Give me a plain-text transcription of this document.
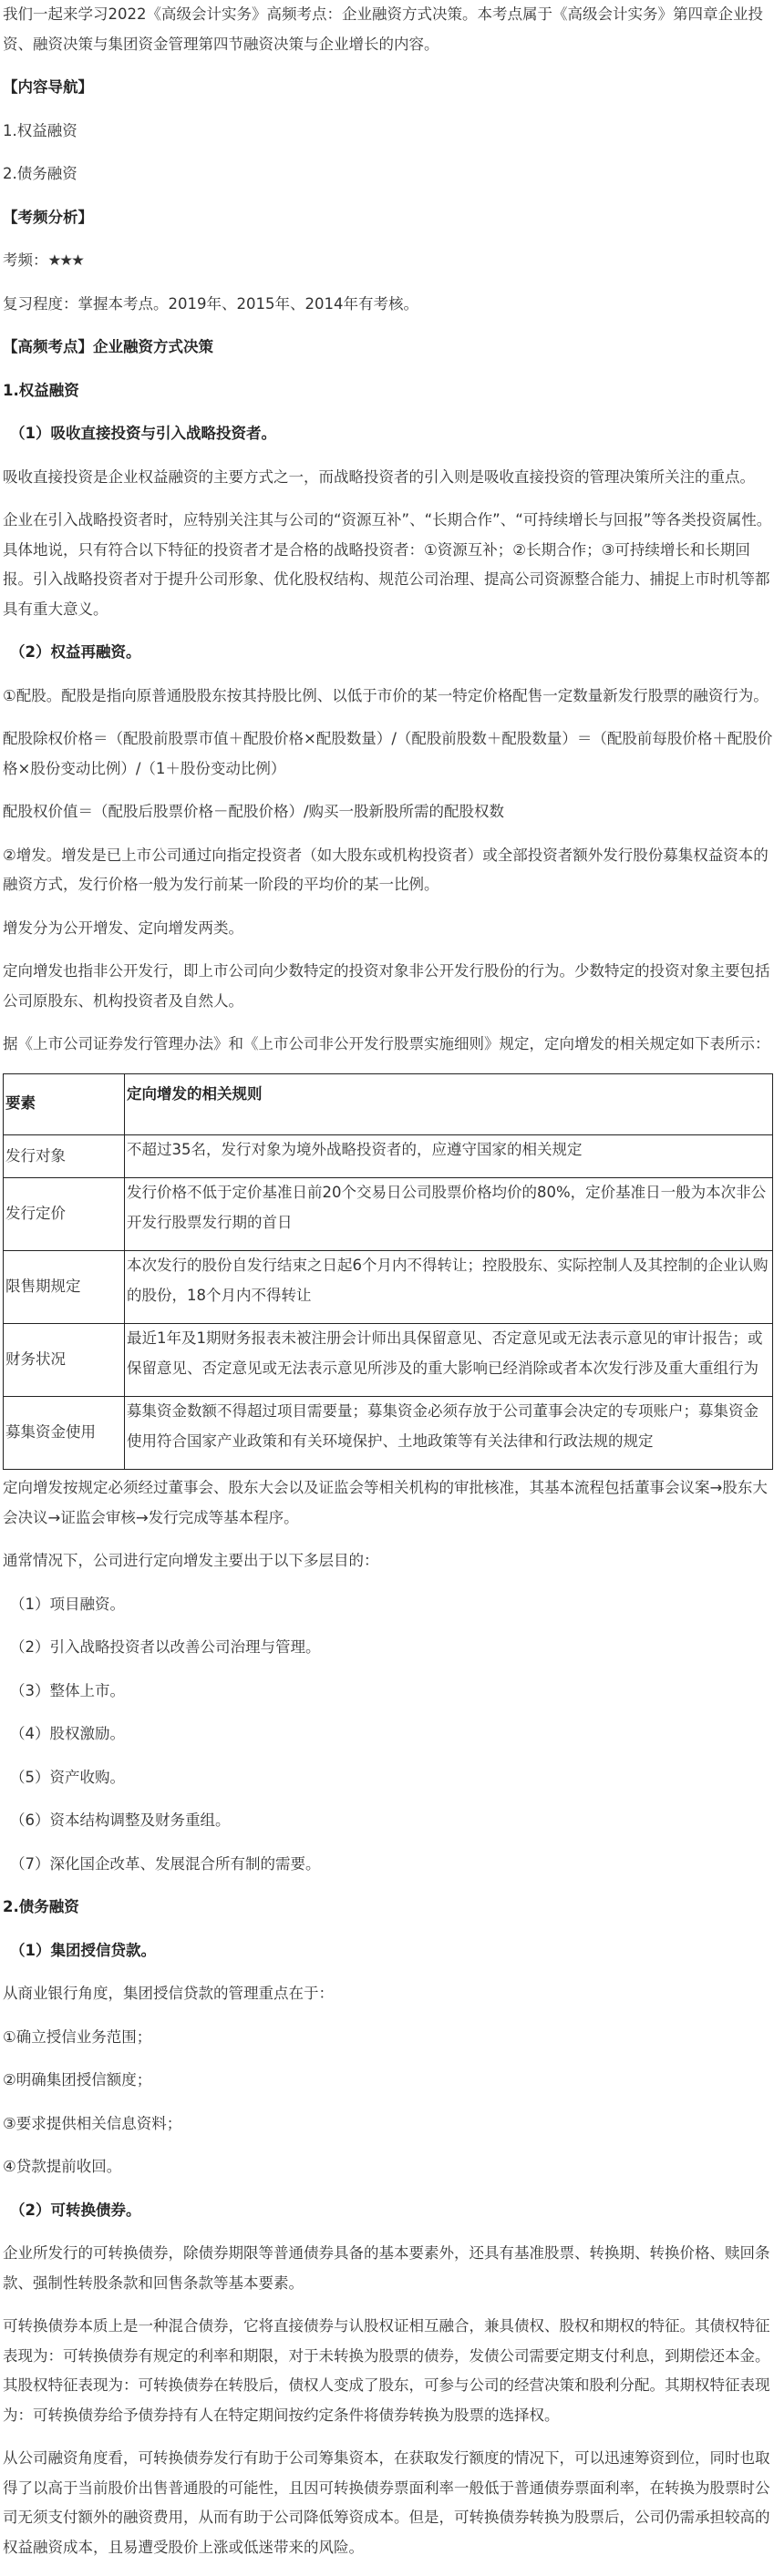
我们一起来学习2022《高级会计实务》高频考点：企业融资方式决策。本考点属于《高级会计实务》第四章企业投资、融资决策与集团资金管理第四节融资决策与企业增长的内容。

【内容导航】

1.权益融资

2.债务融资

【考频分析】

考频：★★★

复习程度：掌握本考点。2019年、2015年、2014年有考核。

【高频考点】企业融资方式决策

1.权益融资

（1）吸收直接投资与引入战略投资者。

吸收直接投资是企业权益融资的主要方式之一，而战略投资者的引入则是吸收直接投资的管理决策所关注的重点。

企业在引入战略投资者时，应特别关注其与公司的“资源互补”、“长期合作”、“可持续增长与回报”等各类投资属性。具体地说，只有符合以下特征的投资者才是合格的战略投资者：①资源互补；②长期合作；③可持续增长和长期回报。引入战略投资者对于提升公司形象、优化股权结构、规范公司治理、提高公司资源整合能力、捕捉上市时机等都具有重大意义。

（2）权益再融资。

①配股。配股是指向原普通股股东按其持股比例、以低于市价的某一特定价格配售一定数量新发行股票的融资行为。

配股除权价格＝（配股前股票市值＋配股价格×配股数量）/（配股前股数＋配股数量）＝（配股前每股价格＋配股价格×股份变动比例）/（1＋股份变动比例）

配股权价值＝（配股后股票价格－配股价格）/购买一股新股所需的配股权数

②增发。增发是已上市公司通过向指定投资者（如大股东或机构投资者）或全部投资者额外发行股份募集权益资本的融资方式，发行价格一般为发行前某一阶段的平均价的某一比例。

增发分为公开增发、定向增发两类。

定向增发也指非公开发行，即上市公司向少数特定的投资对象非公开发行股份的行为。少数特定的投资对象主要包括公司原股东、机构投资者及自然人。

据《上市公司证券发行管理办法》和《上市公司非公开发行股票实施细则》规定，定向增发的相关规定如下表所示：

要素	定向增发的相关规则
发行对象	不超过35名，发行对象为境外战略投资者的，应遵守国家的相关规定
发行定价	发行价格不低于定价基准日前20个交易日公司股票价格均价的80%，定价基准日一般为本次非公开发行股票发行期的首日
限售期规定	本次发行的股份自发行结束之日起6个月内不得转让；控股股东、实际控制人及其控制的企业认购的股份，18个月内不得转让
财务状况	最近1年及1期财务报表未被注册会计师出具保留意见、否定意见或无法表示意见的审计报告；或保留意见、否定意见或无法表示意见所涉及的重大影响已经消除或者本次发行涉及重大重组行为
募集资金使用	募集资金数额不得超过项目需要量；募集资金必须存放于公司董事会决定的专项账户；募集资金使用符合国家产业政策和有关环境保护、土地政策等有关法律和行政法规的规定

定向增发按规定必须经过董事会、股东大会以及证监会等相关机构的审批核准，其基本流程包括董事会议案→股东大会决议→证监会审核→发行完成等基本程序。

通常情况下，公司进行定向增发主要出于以下多层目的：

（1）项目融资。

（2）引入战略投资者以改善公司治理与管理。

（3）整体上市。

（4）股权激励。

（5）资产收购。

（6）资本结构调整及财务重组。

（7）深化国企改革、发展混合所有制的需要。

2.债务融资

（1）集团授信贷款。

从商业银行角度，集团授信贷款的管理重点在于：

①确立授信业务范围；

②明确集团授信额度；

③要求提供相关信息资料；

④贷款提前收回。

（2）可转换债券。

企业所发行的可转换债券，除债券期限等普通债券具备的基本要素外，还具有基准股票、转换期、转换价格、赎回条款、强制性转股条款和回售条款等基本要素。

可转换债券本质上是一种混合债券，它将直接债券与认股权证相互融合，兼具债权、股权和期权的特征。其债权特征表现为：可转换债券有规定的利率和期限，对于未转换为股票的债券，发债公司需要定期支付利息，到期偿还本金。其股权特征表现为：可转换债券在转股后，债权人变成了股东，可参与公司的经营决策和股利分配。其期权特征表现为：可转换债券给予债券持有人在特定期间按约定条件将债券转换为股票的选择权。

从公司融资角度看，可转换债券发行有助于公司筹集资本，在获取发行额度的情况下，可以迅速筹资到位，同时也取得了以高于当前股价出售普通股的可能性，且因可转换债券票面利率一般低于普通债券票面利率，在转换为股票时公司无须支付额外的融资费用，从而有助于公司降低筹资成本。但是，可转换债券转换为股票后，公司仍需承担较高的权益融资成本，且易遭受股价上涨或低迷带来的风险。
